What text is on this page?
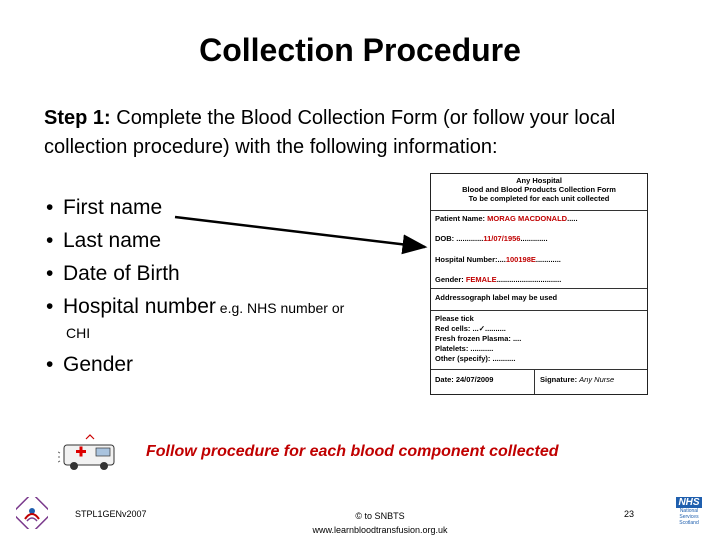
Collection Procedure
Step 1: Complete the Blood Collection Form (or follow your local collection procedure) with the following information:
• First name
• Last name
• Date of Birth
• Hospital number e.g. NHS number or
CHI
• Gender
Any Hospital
Blood and Blood Products Collection Form
To be completed for each unit collected
Patient Name: MORAG MACDONALD.....
DOB: .............11/07/1956.............
Hospital Number:....100198E............
Gender: FEMALE...............................
Addressograph label may be used
Please tick
Red cells: ...✓..........
Fresh frozen Plasma: ....
Platelets: ...........
Other (specify): ...........
Date: 24/07/2009	Signature: Any Nurse
Follow procedure for each blood component collected
STPL1GENv2007	© to SNBTS
www.learnbloodtransfusion.org.uk
23
NHS
National
Services
Scotland
